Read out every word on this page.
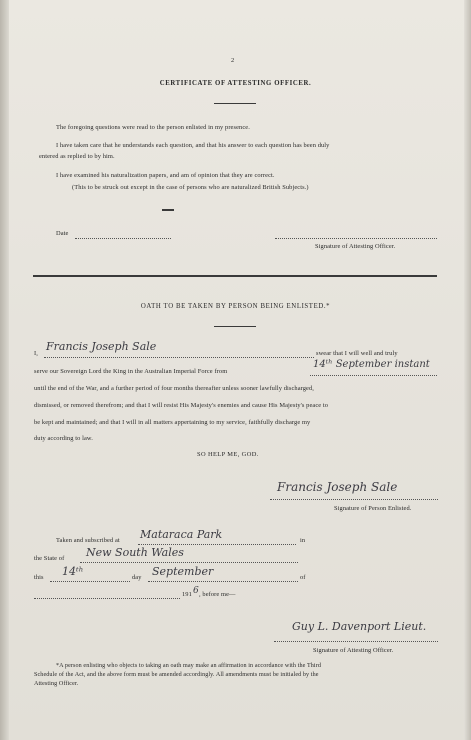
2
CERTIFICATE OF ATTESTING OFFICER.
The foregoing questions were read to the person enlisted in my presence.
I have taken care that he understands each question, and that his answer to each question has been duly
entered as replied to by him.
I have examined his naturalization papers, and am of opinion that they are correct.
(This to be struck out except in the case of persons who are naturalized British Subjects.)
Date
Signature of Attesting Officer.
OATH TO BE TAKEN BY PERSON BEING ENLISTED.*
I,
Francis Joseph Sale
swear that I will well and truly
serve our Sovereign Lord the King in the Australian Imperial Force from
14ᵗʰ September instant
until the end of the War, and a further period of four months thereafter unless sooner lawfully discharged,
dismissed, or removed therefrom; and that I will resist His Majesty's enemies and cause His Majesty's peace to
be kept and maintained; and that I will in all matters appertaining to my service, faithfully discharge my
duty according to law.
SO HELP ME, GOD.
Francis Joseph Sale
Signature of Person Enlisted.
Taken and subscribed at Mataraca Park	in
the State of New South Wales
this 14ᵗʰ	day September	of
191 6 , before me—
Guy L. Davenport Lieut.
Signature of Attesting Officer.
*A person enlisting who objects to taking an oath may make an affirmation in accordance with the Third
Schedule of the Act, and the above form must be amended accordingly. All amendments must be initialed by the
Attesting Officer.
